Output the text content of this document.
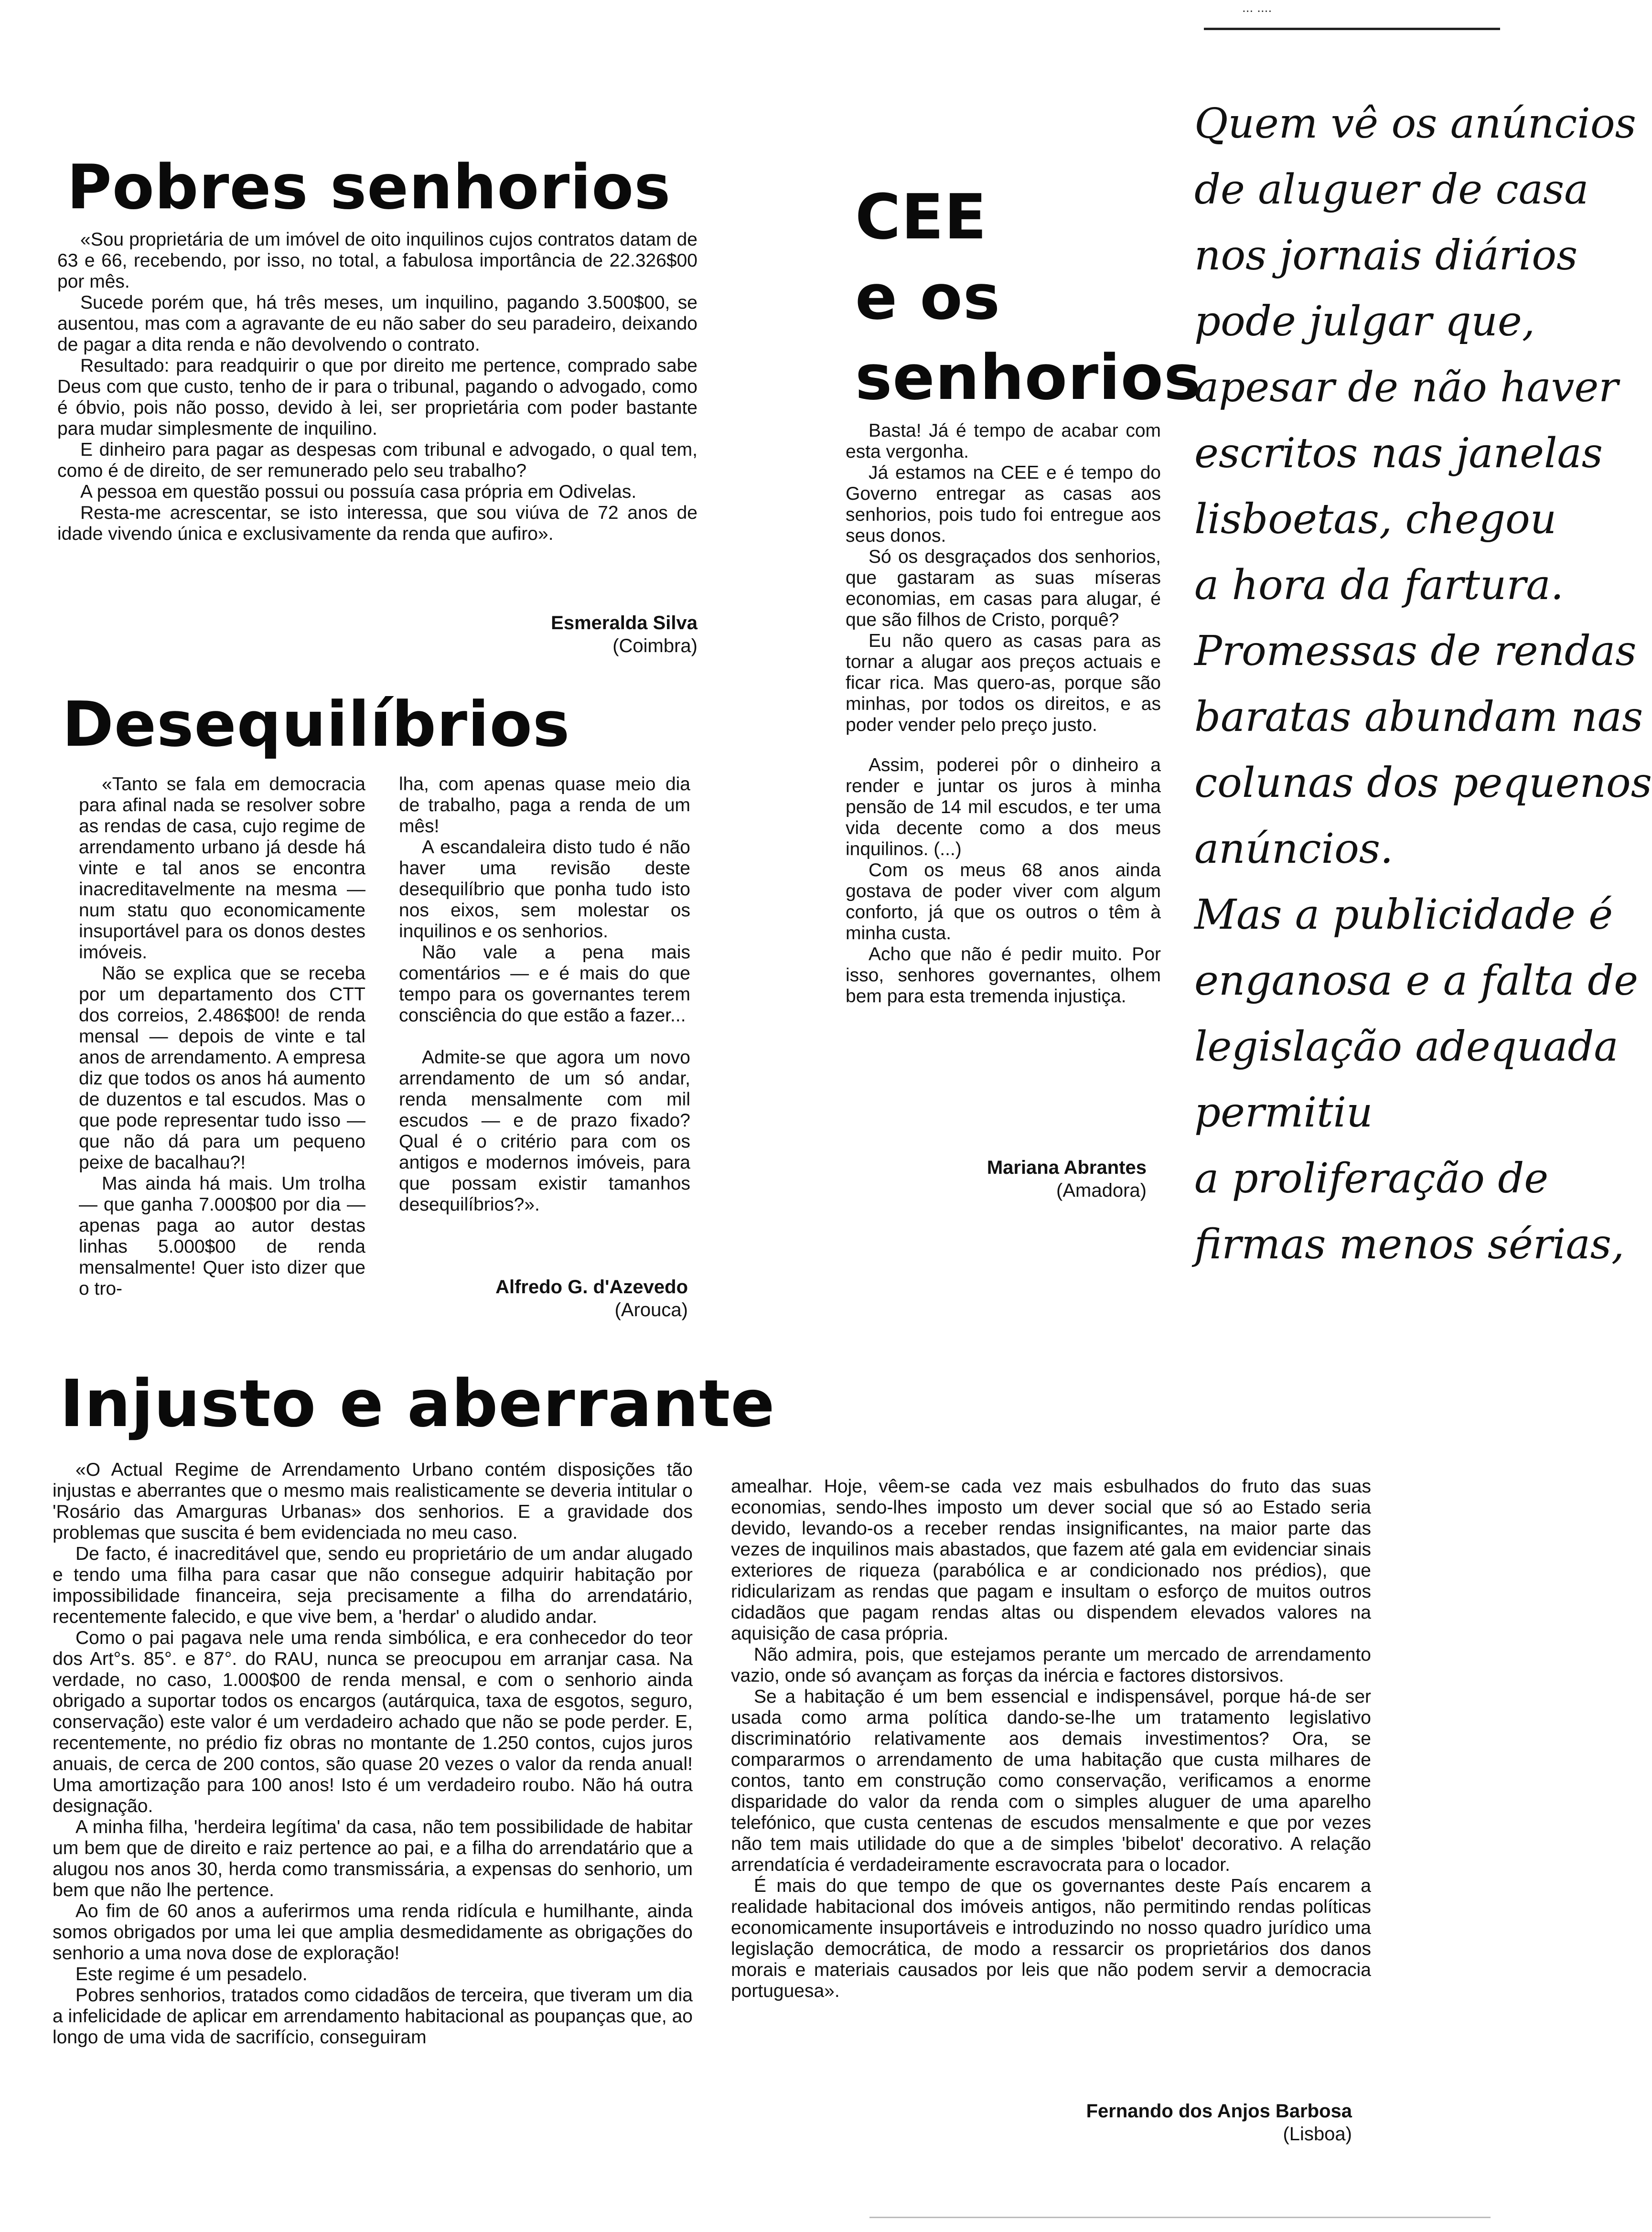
... ....
Pobres senhorios

«Sou proprietária de um imóvel de oito inquilinos cujos contratos datam de 63 e 66, recebendo, por isso, no total, a fabulosa importância de 22.326$00 por mês.

Sucede porém que, há três meses, um inquilino, pagando 3.500$00, se ausentou, mas com a agravante de eu não saber do seu paradeiro, deixando de pagar a dita renda e não devolvendo o contrato.

Resultado: para readquirir o que por direito me pertence, comprado sabe Deus com que custo, tenho de ir para o tribunal, pagando o advogado, como é óbvio, pois não posso, devido à lei, ser proprietária com poder bastante para mudar simplesmente de inquilino.

E dinheiro para pagar as despesas com tribunal e advogado, o qual tem, como é de direito, de ser remunerado pelo seu trabalho?

A pessoa em questão possui ou possuía casa própria em Odivelas.

Resta-me acrescentar, se isto interessa, que sou viúva de 72 anos de idade vivendo única e exclusivamente da renda que aufiro».

Esmeralda Silva
(Coimbra)
Desequilíbrios

«Tanto se fala em democracia para afinal nada se resolver sobre as rendas de casa, cujo regime de arrendamento urbano já desde há vinte e tal anos se encontra inacreditavelmente na mesma — num statu quo economicamente insuportável para os donos destes imóveis.

Não se explica que se receba por um departamento dos CTT dos correios, 2.486$00! de renda mensal — depois de vinte e tal anos de arrendamento. A empresa diz que todos os anos há aumento de duzentos e tal escudos. Mas o que pode representar tudo isso — que não dá para um pequeno peixe de bacalhau?!

Mas ainda há mais. Um trolha — que ganha 7.000$00 por dia — apenas paga ao autor destas linhas 5.000$00 de renda mensalmente! Quer isto dizer que o tro-

lha, com apenas quase meio dia de trabalho, paga a renda de um mês!

A escandaleira disto tudo é não haver uma revisão deste desequilíbrio que ponha tudo isto nos eixos, sem molestar os inquilinos e os senhorios.

Não vale a pena mais comentários — e é mais do que tempo para os governantes terem consciência do que estão a fazer...

Admite-se que agora um novo arrendamento de um só andar, renda mensalmente com mil escudos — e de prazo fixado? Qual é o critério para com os antigos e modernos imóveis, para que possam existir tamanhos desequilíbrios?».

Alfredo G. d'Azevedo
(Arouca)
CEE
e os
senhorios

Basta! Já é tempo de acabar com esta vergonha.

Já estamos na CEE e é tempo do Governo entregar as casas aos senhorios, pois tudo foi entregue aos seus donos.

Só os desgraçados dos senhorios, que gastaram as suas míseras economias, em casas para alugar, é que são filhos de Cristo, porquê?

Eu não quero as casas para as tornar a alugar aos preços actuais e ficar rica. Mas quero-as, porque são minhas, por todos os direitos, e as poder vender pelo preço justo.

Assim, poderei pôr o dinheiro a render e juntar os juros à minha pensão de 14 mil escudos, e ter uma vida decente como a dos meus inquilinos. (...)

Com os meus 68 anos ainda gostava de poder viver com algum conforto, já que os outros o têm à minha custa.

Acho que não é pedir muito. Por isso, senhores governantes, olhem bem para esta tremenda injustiça.

Mariana Abrantes
(Amadora)
Quem vê os anúncios
de aluguer de casa
nos jornais diários
pode julgar que,
apesar de não haver
escritos nas janelas
lisboetas, chegou
a hora da fartura.
Promessas de rendas
baratas abundam nas
colunas dos pequenos
anúncios.
Mas a publicidade é
enganosa e a falta de
legislação adequada
permitiu
a proliferação de
firmas menos sérias,
Injusto e aberrante

«O Actual Regime de Arrendamento Urbano contém disposições tão injustas e aberrantes que o mesmo mais realisticamente se deveria intitular o 'Rosário das Amarguras Urbanas» dos senhorios. E a gravidade dos problemas que suscita é bem evidenciada no meu caso.

De facto, é inacreditável que, sendo eu proprietário de um andar alugado e tendo uma filha para casar que não consegue adquirir habitação por impossibilidade financeira, seja precisamente a filha do arrendatário, recentemente falecido, e que vive bem, a 'herdar' o aludido andar.

Como o pai pagava nele uma renda simbólica, e era conhecedor do teor dos Art°s. 85°. e 87°. do RAU, nunca se preocupou em arranjar casa. Na verdade, no caso, 1.000$00 de renda mensal, e com o senhorio ainda obrigado a suportar todos os encargos (autárquica, taxa de esgotos, seguro, conservação) este valor é um verdadeiro achado que não se pode perder. E, recentemente, no prédio fiz obras no montante de 1.250 contos, cujos juros anuais, de cerca de 200 contos, são quase 20 vezes o valor da renda anual! Uma amortização para 100 anos! Isto é um verdadeiro roubo. Não há outra designação.

A minha filha, 'herdeira legítima' da casa, não tem possibilidade de habitar um bem que de direito e raiz pertence ao pai, e a filha do arrendatário que a alugou nos anos 30, herda como transmissária, a expensas do senhorio, um bem que não lhe pertence.

Ao fim de 60 anos a auferirmos uma renda ridícula e humilhante, ainda somos obrigados por uma lei que amplia desmedidamente as obrigações do senhorio a uma nova dose de exploração!

Este regime é um pesadelo.

Pobres senhorios, tratados como cidadãos de terceira, que tiveram um dia a infelicidade de aplicar em arrendamento habitacional as poupanças que, ao longo de uma vida de sacrifício, conseguiram

amealhar. Hoje, vêem-se cada vez mais esbulhados do fruto das suas economias, sendo-lhes imposto um dever social que só ao Estado seria devido, levando-os a receber rendas insignificantes, na maior parte das vezes de inquilinos mais abastados, que fazem até gala em evidenciar sinais exteriores de riqueza (parabólica e ar condicionado nos prédios), que ridicularizam as rendas que pagam e insultam o esforço de muitos outros cidadãos que pagam rendas altas ou dispendem elevados valores na aquisição de casa própria.

Não admira, pois, que estejamos perante um mercado de arrendamento vazio, onde só avançam as forças da inércia e factores distorsivos.

Se a habitação é um bem essencial e indispensável, porque há-de ser usada como arma política dando-se-lhe um tratamento legislativo discriminatório relativamente aos demais investimentos? Ora, se compararmos o arrendamento de uma habitação que custa milhares de contos, tanto em construção como conservação, verificamos a enorme disparidade do valor da renda com o simples aluguer de uma aparelho telefónico, que custa centenas de escudos mensalmente e que por vezes não tem mais utilidade do que a de simples 'bibelot' decorativo. A relação arrendatícia é verdadeiramente escravocrata para o locador.

É mais do que tempo de que os governantes deste País encarem a realidade habitacional dos imóveis antigos, não permitindo rendas políticas economicamente insuportáveis e introduzindo no nosso quadro jurídico uma legislação democrática, de modo a ressarcir os proprietários dos danos morais e materiais causados por leis que não podem servir a democracia portuguesa».

Fernando dos Anjos Barbosa
(Lisboa)
